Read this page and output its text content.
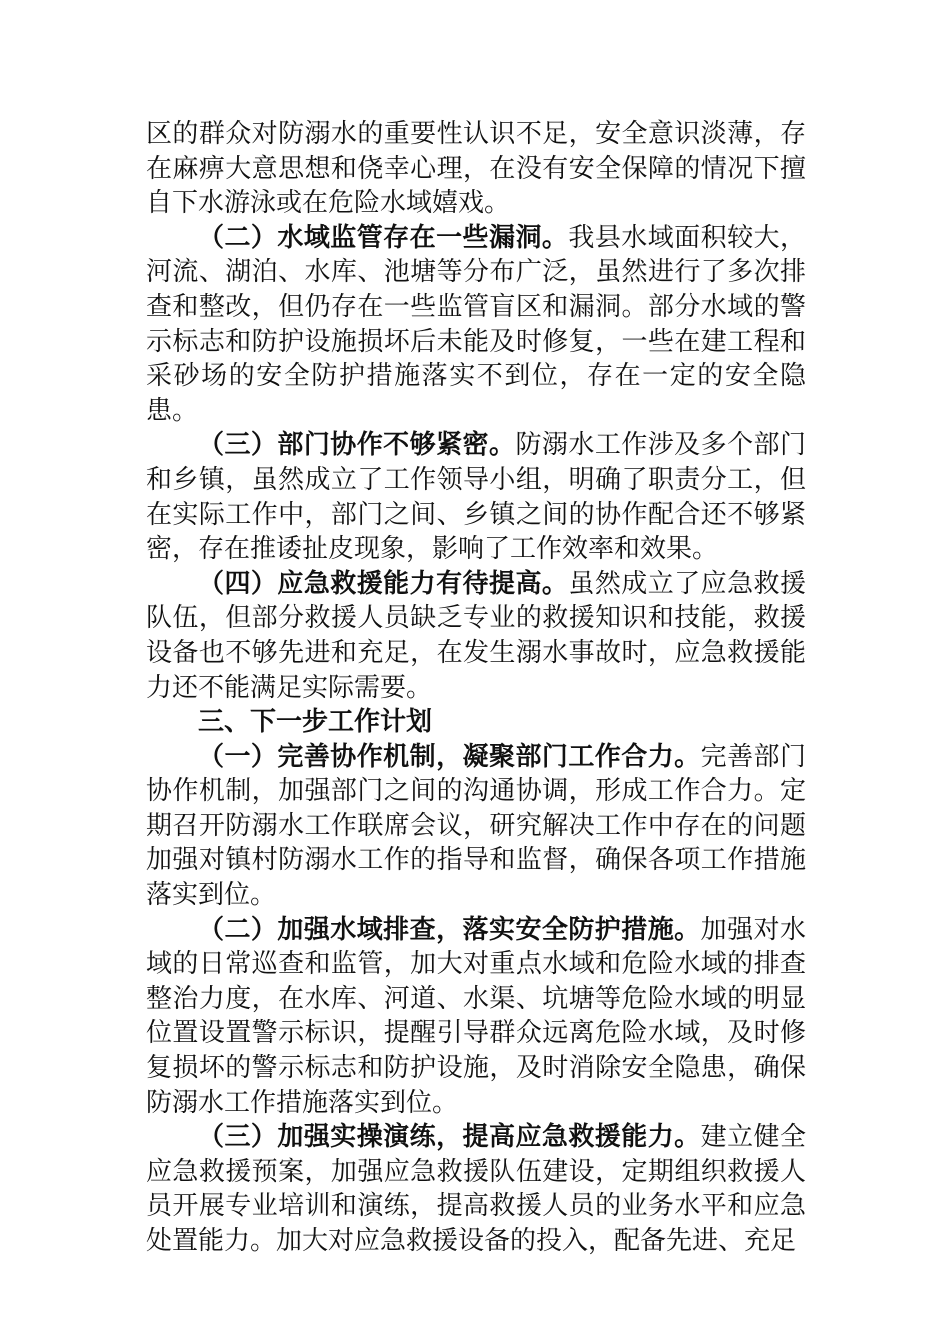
区的群众对防溺水的重要性认识不足，安全意识淡薄，存在麻痹大意思想和侥幸心理，在没有安全保障的情况下擅自下水游泳或在危险水域嬉戏。

（二）水域监管存在一些漏洞。我县水域面积较大，河流、湖泊、水库、池塘等分布广泛，虽然进行了多次排查和整改，但仍存在一些监管盲区和漏洞。部分水域的警示标志和防护设施损坏后未能及时修复，一些在建工程和采砂场的安全防护措施落实不到位，存在一定的安全隐患。

（三）部门协作不够紧密。防溺水工作涉及多个部门和乡镇，虽然成立了工作领导小组，明确了职责分工，但在实际工作中，部门之间、乡镇之间的协作配合还不够紧密，存在推诿扯皮现象，影响了工作效率和效果。

（四）应急救援能力有待提高。虽然成立了应急救援队伍，但部分救援人员缺乏专业的救援知识和技能，救援设备也不够先进和充足，在发生溺水事故时，应急救援能力还不能满足实际需要。

三、下一步工作计划

（一）完善协作机制，凝聚部门工作合力。完善部门协作机制，加强部门之间的沟通协调，形成工作合力。定期召开防溺水工作联席会议，研究解决工作中存在的问题加强对镇村防溺水工作的指导和监督，确保各项工作措施落实到位。

（二）加强水域排查，落实安全防护措施。加强对水域的日常巡查和监管，加大对重点水域和危险水域的排查整治力度，在水库、河道、水渠、坑塘等危险水域的明显位置设置警示标识，提醒引导群众远离危险水域，及时修复损坏的警示标志和防护设施，及时消除安全隐患，确保防溺水工作措施落实到位。

（三）加强实操演练，提高应急救援能力。建立健全应急救援预案，加强应急救援队伍建设，定期组织救援人员开展专业培训和演练，提高救援人员的业务水平和应急处置能力。加大对应急救援设备的投入，配备先进、充足
